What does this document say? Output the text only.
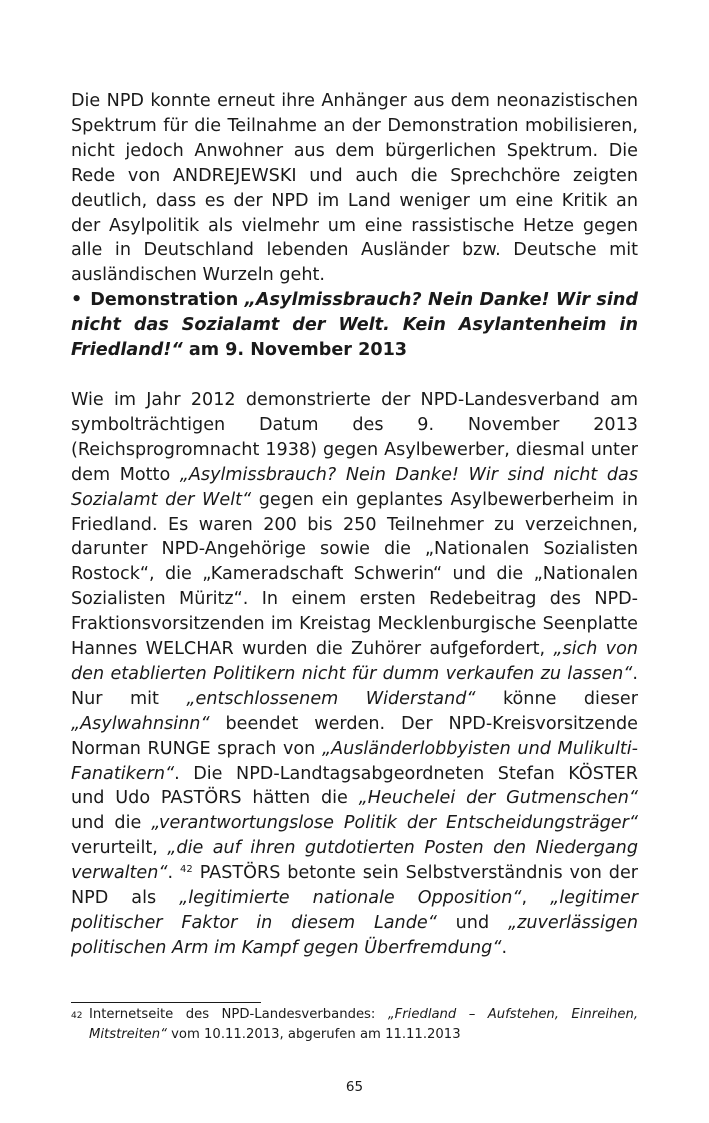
Die NPD konnte erneut ihre Anhänger aus dem neonazistischen Spektrum für die Teilnahme an der Demonstration mobilisieren, nicht jedoch Anwohner aus dem bürgerlichen Spektrum. Die Rede von ANDREJEWSKI und auch die Sprechchöre zeigten deutlich, dass es der NPD im Land weniger um eine Kritik an der Asylpolitik als vielmehr um eine rassistische Hetze gegen alle in Deutschland lebenden Ausländer bzw. Deutsche mit ausländischen Wurzeln geht.

• Demonstration „Asylmissbrauch? Nein Danke! Wir sind nicht das Sozialamt der Welt. Kein Asylantenheim in Friedland!“ am 9. November 2013

Wie im Jahr 2012 demonstrierte der NPD-Landesverband am symbolträchtigen Datum des 9. November 2013 (Reichsprogromnacht 1938) gegen Asylbewerber, diesmal unter dem Motto „Asylmissbrauch? Nein Danke! Wir sind nicht das Sozialamt der Welt“ gegen ein geplantes Asylbewerberheim in Friedland. Es waren 200 bis 250 Teilnehmer zu verzeichnen, darunter NPD-Angehörige sowie die „Nationalen Sozialisten Rostock“, die „Kameradschaft Schwerin“ und die „Nationalen Sozialisten Müritz“. In einem ersten Redebeitrag des NPD-Fraktionsvorsitzenden im Kreistag Mecklenburgische Seenplatte Hannes WELCHAR wurden die Zuhörer aufgefordert, „sich von den etablierten Politikern nicht für dumm verkaufen zu lassen“. Nur mit „entschlossenem Widerstand“ könne dieser „Asylwahnsinn“ beendet werden. Der NPD-Kreisvorsitzende Norman RUNGE sprach von „Ausländerlobbyisten und Mulikulti-Fanatikern“. Die NPD-Landtagsabgeordneten Stefan KÖSTER und Udo PASTÖRS hätten die „Heuchelei der Gutmenschen“ und die „verantwortungslose Politik der Entscheidungsträger“ verurteilt, „die auf ihren gutdotierten Posten den Niedergang verwalten“. $^{42}$ PASTÖRS betonte sein Selbstverständnis von der NPD als „legitimierte nationale Opposition“, „legitimer politischer Faktor in diesem Lande“ und „zuverlässigen politischen Arm im Kampf gegen Überfremdung“.

42 Internetseite des NPD-Landesverbandes: „Friedland – Aufstehen, Einreihen, Mitstreiten“ vom 10.11.2013, abgerufen am 11.11.2013
65
